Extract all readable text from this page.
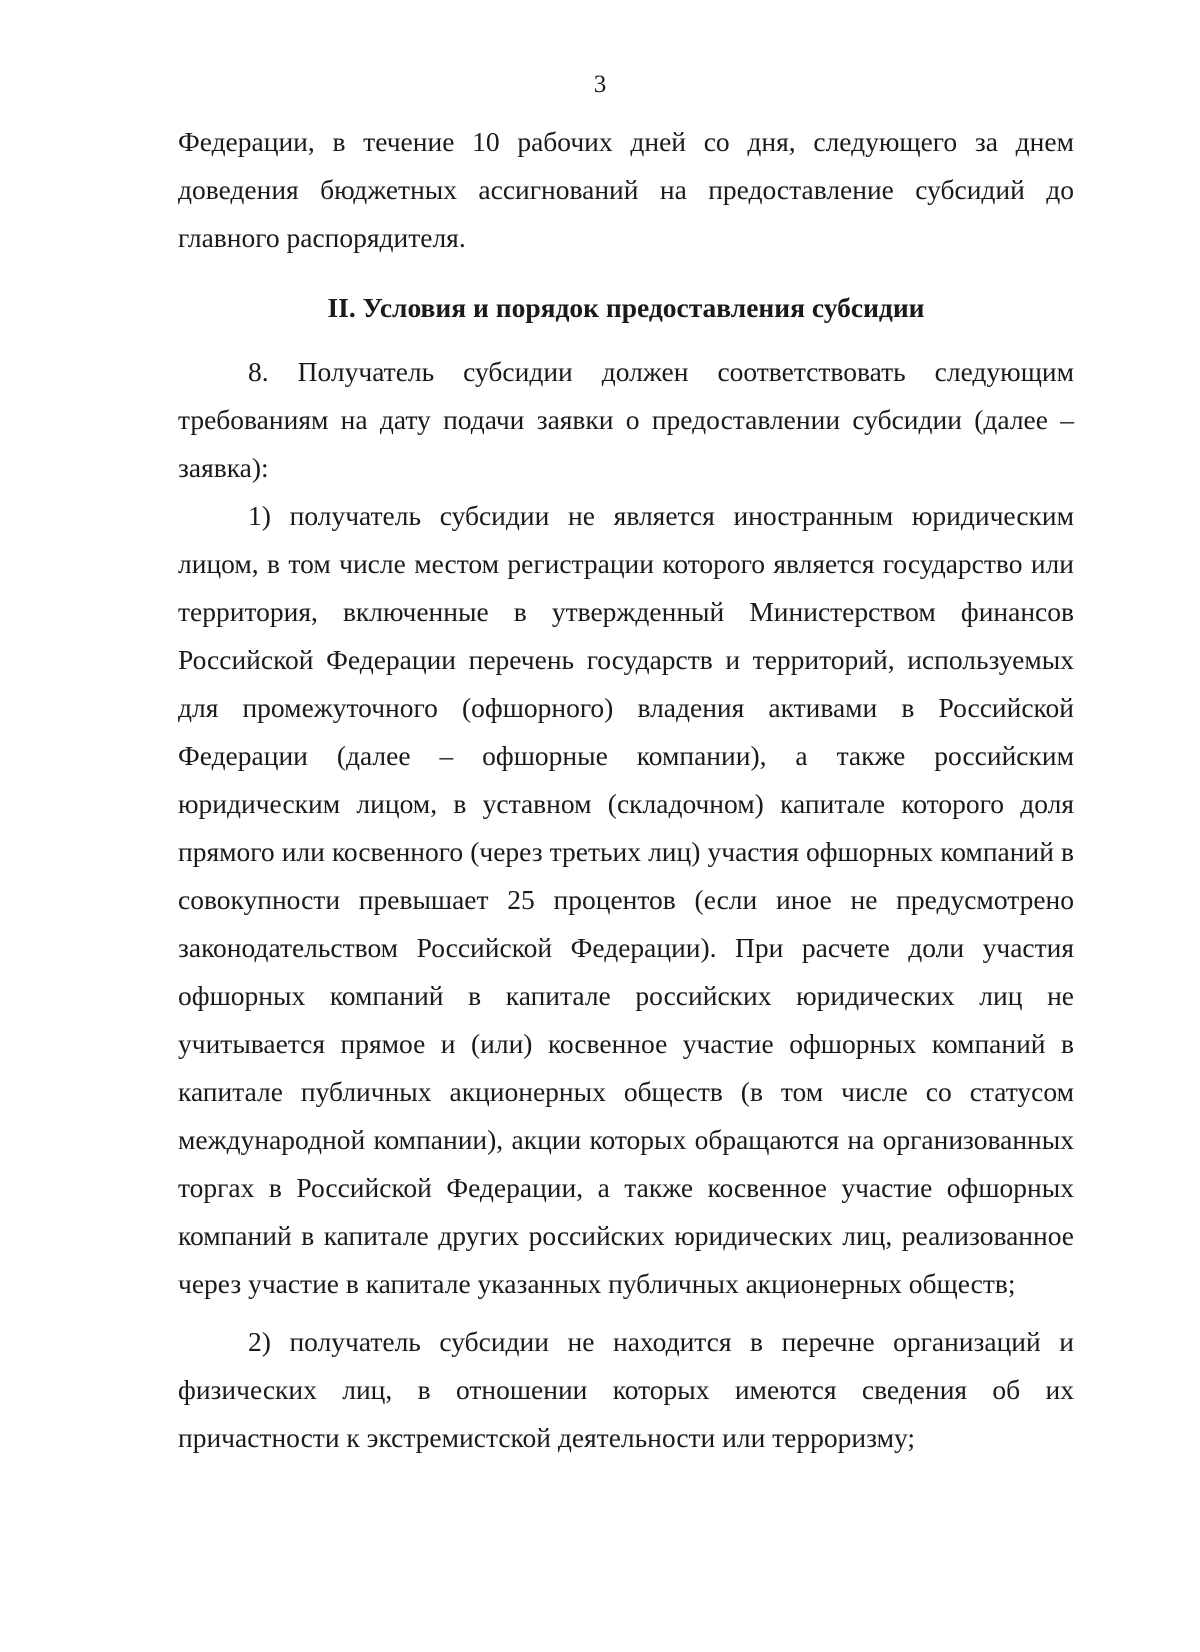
3

Федерации, в течение 10 рабочих дней со дня, следующего за днем доведения бюджетных ассигнований на предоставление субсидий до главного распорядителя.

II. Условия и порядок предоставления субсидии

8. Получатель субсидии должен соответствовать следующим требованиям на дату подачи заявки о предоставлении субсидии (далее – заявка):

1) получатель субсидии не является иностранным юридическим лицом, в том числе местом регистрации которого является государство или территория, включенные в утвержденный Министерством финансов Российской Федерации перечень государств и территорий, используемых для промежуточного (офшорного) владения активами в Российской Федерации (далее – офшорные компании), а также российским юридическим лицом, в уставном (складочном) капитале которого доля прямого или косвенного (через третьих лиц) участия офшорных компаний в совокупности превышает 25 процентов (если иное не предусмотрено законодательством Российской Федерации). При расчете доли участия офшорных компаний в капитале российских юридических лиц не учитывается прямое и (или) косвенное участие офшорных компаний в капитале публичных акционерных обществ (в том числе со статусом международной компании), акции которых обращаются на организованных торгах в Российской Федерации, а также косвенное участие офшорных компаний в капитале других российских юридических лиц, реализованное через участие в капитале указанных публичных акционерных обществ;

2) получатель субсидии не находится в перечне организаций и физических лиц, в отношении которых имеются сведения об их причастности к экстремистской деятельности или терроризму;
